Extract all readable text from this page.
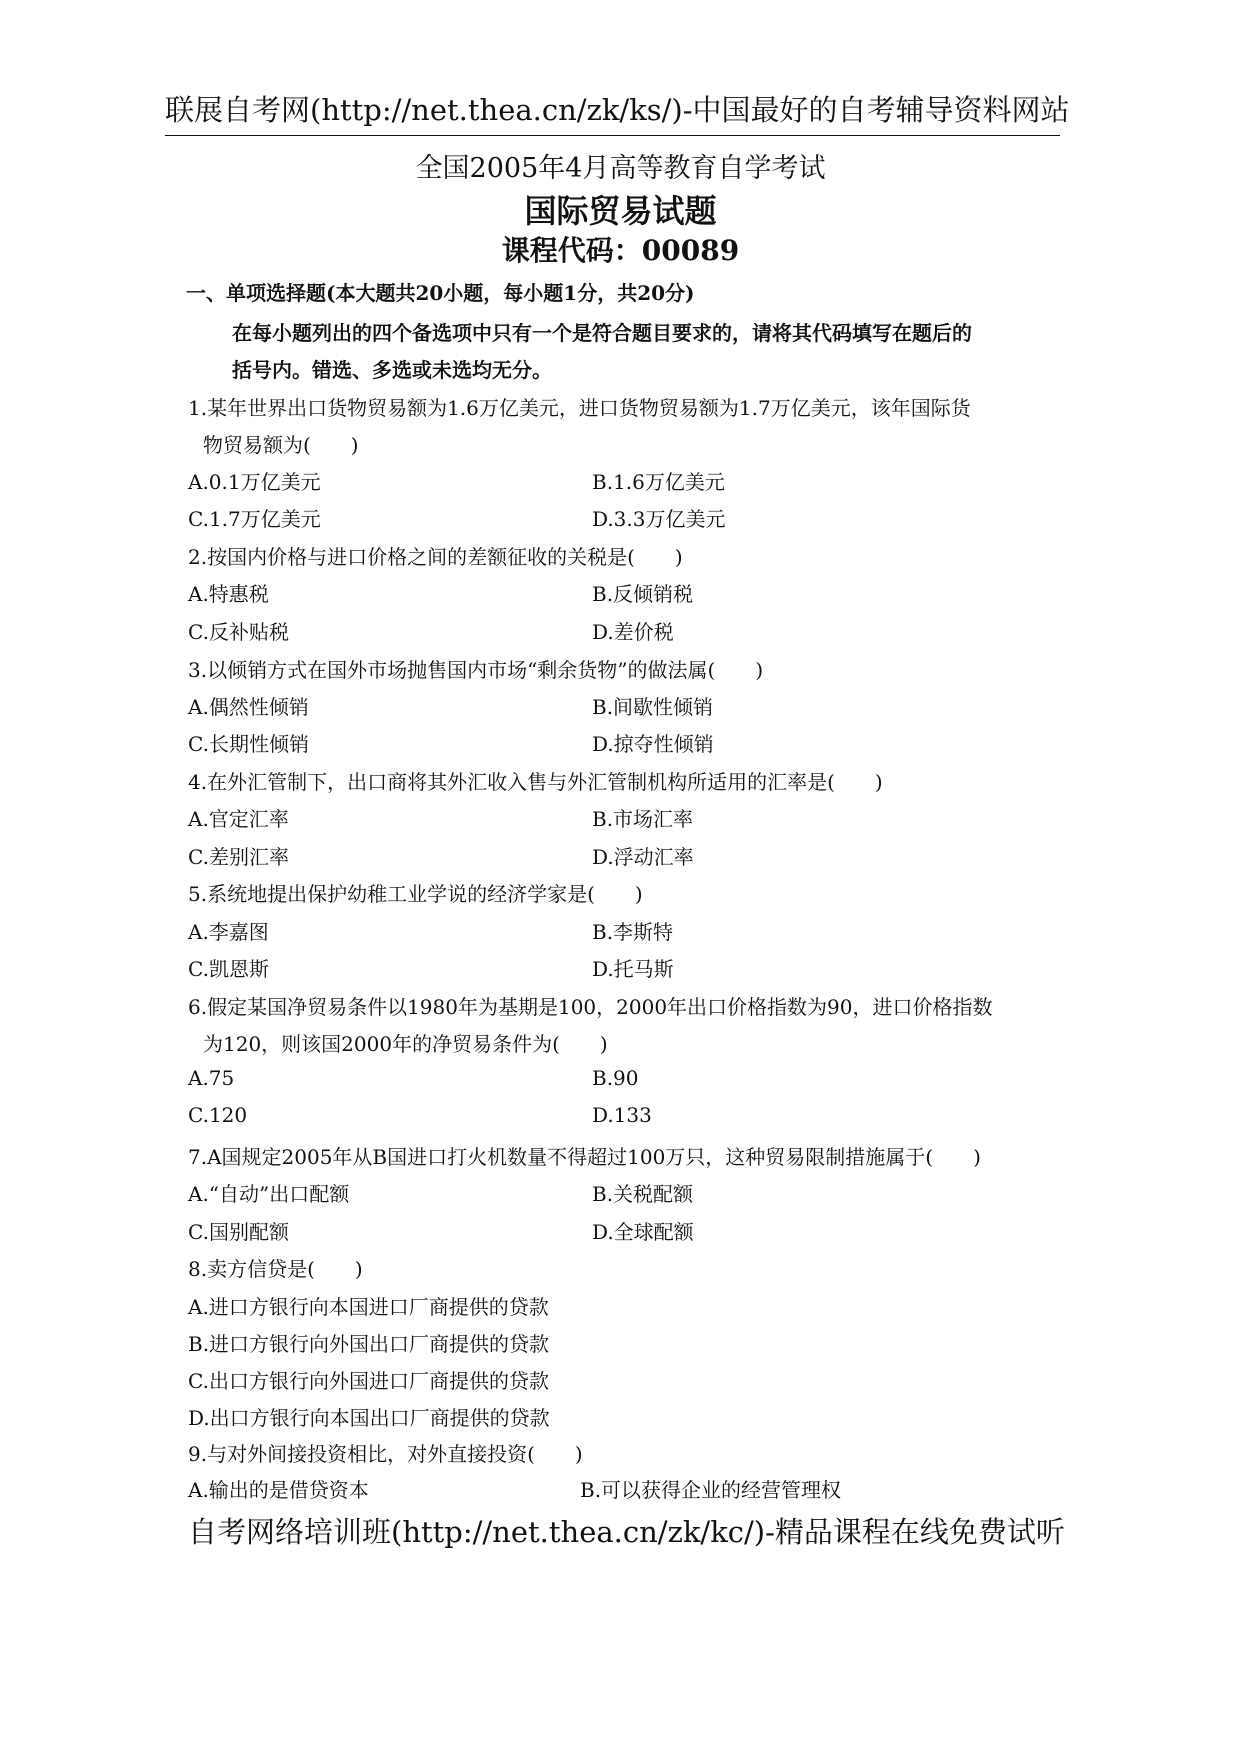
联展自考网(http://net.thea.cn/zk/ks/)-中国最好的自考辅导资料网站
全国2005年4月高等教育自学考试
国际贸易试题
课程代码：00089
一、单项选择题(本大题共20小题，每小题1分，共20分)
在每小题列出的四个备选项中只有一个是符合题目要求的，请将其代码填写在题后的
括号内。错选、多选或未选均无分。
1.某年世界出口货物贸易额为1.6万亿美元，进口货物贸易额为1.7万亿美元，该年国际货
物贸易额为(　　)
A.0.1万亿美元	B.1.6万亿美元
C.1.7万亿美元	D.3.3万亿美元
2.按国内价格与进口价格之间的差额征收的关税是(　　)
A.特惠税	B.反倾销税
C.反补贴税	D.差价税
3.以倾销方式在国外市场抛售国内市场“剩余货物”的做法属(　　)
A.偶然性倾销	B.间歇性倾销
C.长期性倾销	D.掠夺性倾销
4.在外汇管制下，出口商将其外汇收入售与外汇管制机构所适用的汇率是(　　)
A.官定汇率	B.市场汇率
C.差别汇率	D.浮动汇率
5.系统地提出保护幼稚工业学说的经济学家是(　　)
A.李嘉图	B.李斯特
C.凯恩斯	D.托马斯
6.假定某国净贸易条件以1980年为基期是100，2000年出口价格指数为90，进口价格指数
为120，则该国2000年的净贸易条件为(　　)
A.75	B.90
C.120	D.133
7.A国规定2005年从B国进口打火机数量不得超过100万只，这种贸易限制措施属于(　　)
A.“自动”出口配额	B.关税配额
C.国别配额	D.全球配额
8.卖方信贷是(　　)
A.进口方银行向本国进口厂商提供的贷款
B.进口方银行向外国出口厂商提供的贷款
C.出口方银行向外国进口厂商提供的贷款
D.出口方银行向本国出口厂商提供的贷款
9.与对外间接投资相比，对外直接投资(　　)
A.输出的是借贷资本	B.可以获得企业的经营管理权
自考网络培训班(http://net.thea.cn/zk/kc/)-精品课程在线免费试听
